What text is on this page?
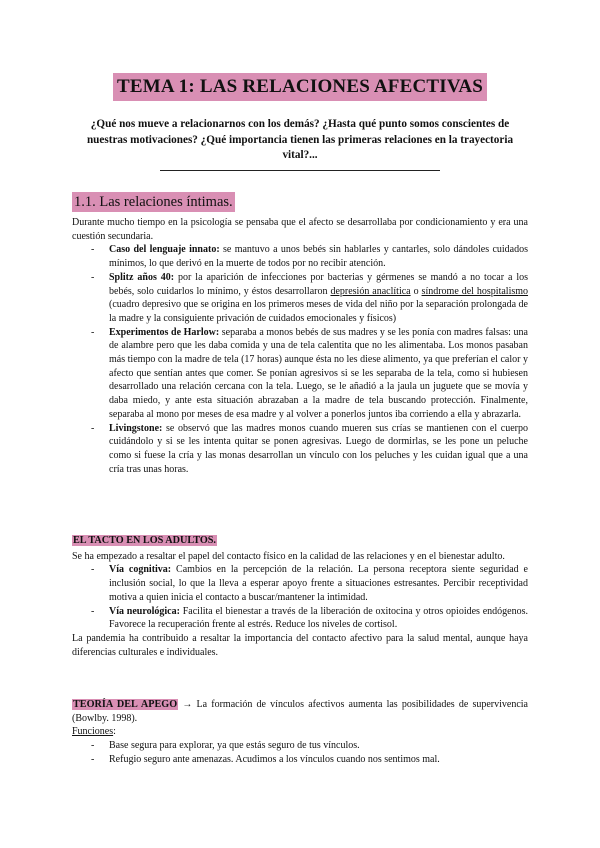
TEMA 1: LAS RELACIONES AFECTIVAS
¿Qué nos mueve a relacionarnos con los demás? ¿Hasta qué punto somos conscientes de nuestras motivaciones? ¿Qué importancia tienen las primeras relaciones en la trayectoria vital?...
1.1. Las relaciones íntimas.

Durante mucho tiempo en la psicología se pensaba que el afecto se desarrollaba por condicionamiento y era una cuestión secundaria.

- Caso del lenguaje innato: se mantuvo a unos bebés sin hablarles y cantarles, solo dándoles cuidados mínimos, lo que derivó en la muerte de todos por no recibir atención.
- Splitz años 40: por la aparición de infecciones por bacterias y gérmenes se mandó a no tocar a los bebés, solo cuidarlos lo mínimo, y éstos desarrollaron depresión anaclítica o síndrome del hospitalismo (cuadro depresivo que se origina en los primeros meses de vida del niño por la separación prolongada de la madre y la consiguiente privación de cuidados emocionales y físicos)
- Experimentos de Harlow: separaba a monos bebés de sus madres y se les ponía con madres falsas: una de alambre pero que les daba comida y una de tela calentita que no les alimentaba. Los monos pasaban más tiempo con la madre de tela (17 horas) aunque ésta no les diese alimento, ya que preferían el calor y afecto que sentían antes que comer. Se ponían agresivos si se les separaba de la tela, como si hubiesen desarrollado una relación cercana con la tela. Luego, se le añadió a la jaula un juguete que se movía y daba miedo, y ante esta situación abrazaban a la madre de tela buscando protección. Finalmente, separaba al mono por meses de esa madre y al volver a ponerlos juntos iba corriendo a ella y abrazarla.
- Livingstone: se observó que las madres monos cuando mueren sus crías se mantienen con el cuerpo cuidándolo y si se les intenta quitar se ponen agresivas. Luego de dormirlas, se les pone un peluche como si fuese la cría y las monas desarrollan un vínculo con los peluches y les cuidan igual que a una cría tras unas horas.
EL TACTO EN LOS ADULTOS.

Se ha empezado a resaltar el papel del contacto físico en la calidad de las relaciones y en el bienestar adulto.

- Vía cognitiva: Cambios en la percepción de la relación. La persona receptora siente seguridad e inclusión social, lo que la lleva a esperar apoyo frente a situaciones estresantes. Percibir receptividad motiva a quien inicia el contacto a buscar/mantener la intimidad.
- Vía neurológica: Facilita el bienestar a través de la liberación de oxitocina y otros opioides endógenos. Favorece la recuperación frente al estrés. Reduce los niveles de cortisol.

La pandemia ha contribuido a resaltar la importancia del contacto afectivo para la salud mental, aunque haya diferencias culturales e individuales.

TEORÍA DEL APEGO → La formación de vínculos afectivos aumenta las posibilidades de supervivencia (Bowlby. 1998).

Funciones:

- Base segura para explorar, ya que estás seguro de tus vínculos.
- Refugio seguro ante amenazas. Acudimos a los vínculos cuando nos sentimos mal.
